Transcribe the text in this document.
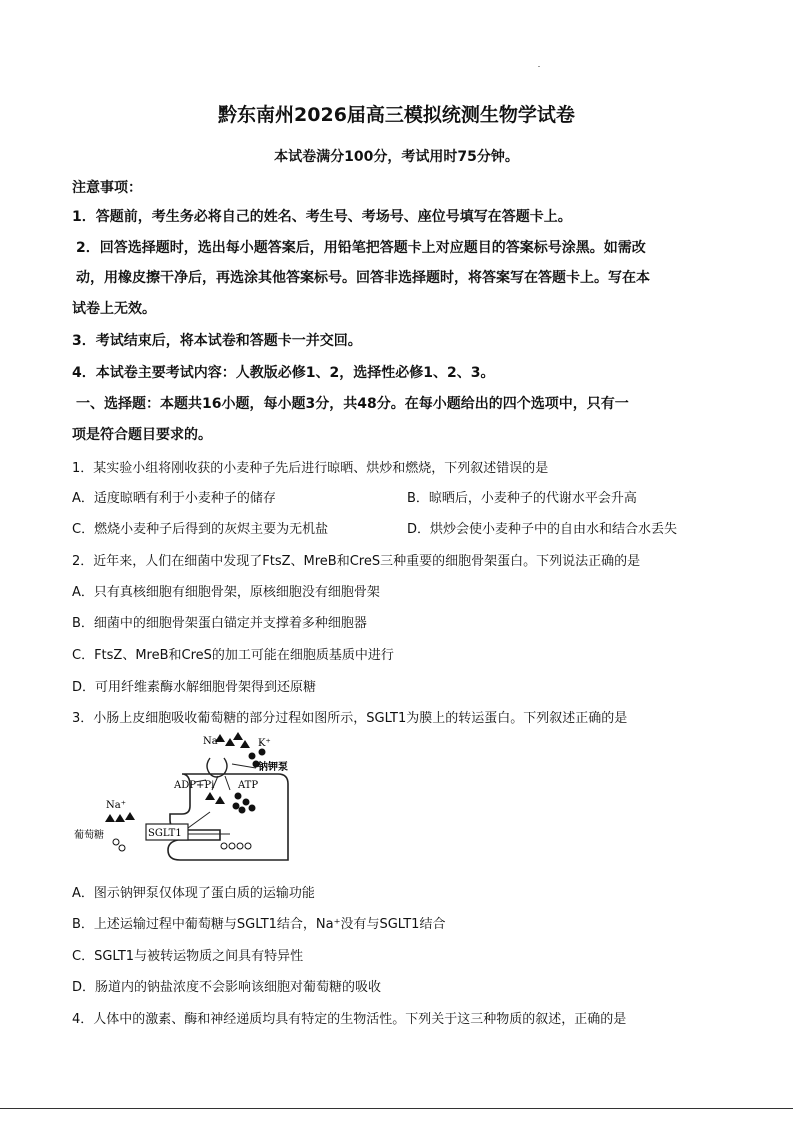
黔东南州2026届高三模拟统测生物学试卷
本试卷满分100分，考试用时75分钟。
注意事项：
1．答题前，考生务必将自己的姓名、考生号、考场号、座位号填写在答题卡上。
2．回答选择题时，选出每小题答案后，用铅笔把答题卡上对应题目的答案标号涂黑。如需改
动，用橡皮擦干净后，再选涂其他答案标号。回答非选择题时，将答案写在答题卡上。写在本
试卷上无效。
3．考试结束后，将本试卷和答题卡一并交回。
4．本试卷主要考试内容：人教版必修1、2，选择性必修1、2、3。
一、选择题：本题共16小题，每小题3分，共48分。在每小题给出的四个选项中，只有一
项是符合题目要求的。
1．某实验小组将刚收获的小麦种子先后进行晾晒、烘炒和燃烧，下列叙述错误的是
A．适度晾晒有利于小麦种子的储存	B．晾晒后，小麦种子的代谢水平会升高
C．燃烧小麦种子后得到的灰烬主要为无机盐	D．烘炒会使小麦种子中的自由水和结合水丢失
2．近年来，人们在细菌中发现了FtsZ、MreB和CreS三种重要的细胞骨架蛋白。下列说法正确的是
A．只有真核细胞有细胞骨架，原核细胞没有细胞骨架
B．细菌中的细胞骨架蛋白锚定并支撑着多种细胞器
C．FtsZ、MreB和CreS的加工可能在细胞质基质中进行
D．可用纤维素酶水解细胞骨架得到还原糖
3．小肠上皮细胞吸收葡萄糖的部分过程如图所示，SGLT1为膜上的转运蛋白。下列叙述正确的是
Na⁺	K⁺
钠钾泵
ADP+Pi ATP
Na⁺
葡萄糖	SGLT1
A．图示钠钾泵仅体现了蛋白质的运输功能
B．上述运输过程中葡萄糖与SGLT1结合，Na⁺没有与SGLT1结合
C．SGLT1与被转运物质之间具有特异性
D．肠道内的钠盐浓度不会影响该细胞对葡萄糖的吸收
4．人体中的激素、酶和神经递质均具有特定的生物活性。下列关于这三种物质的叙述，正确的是
